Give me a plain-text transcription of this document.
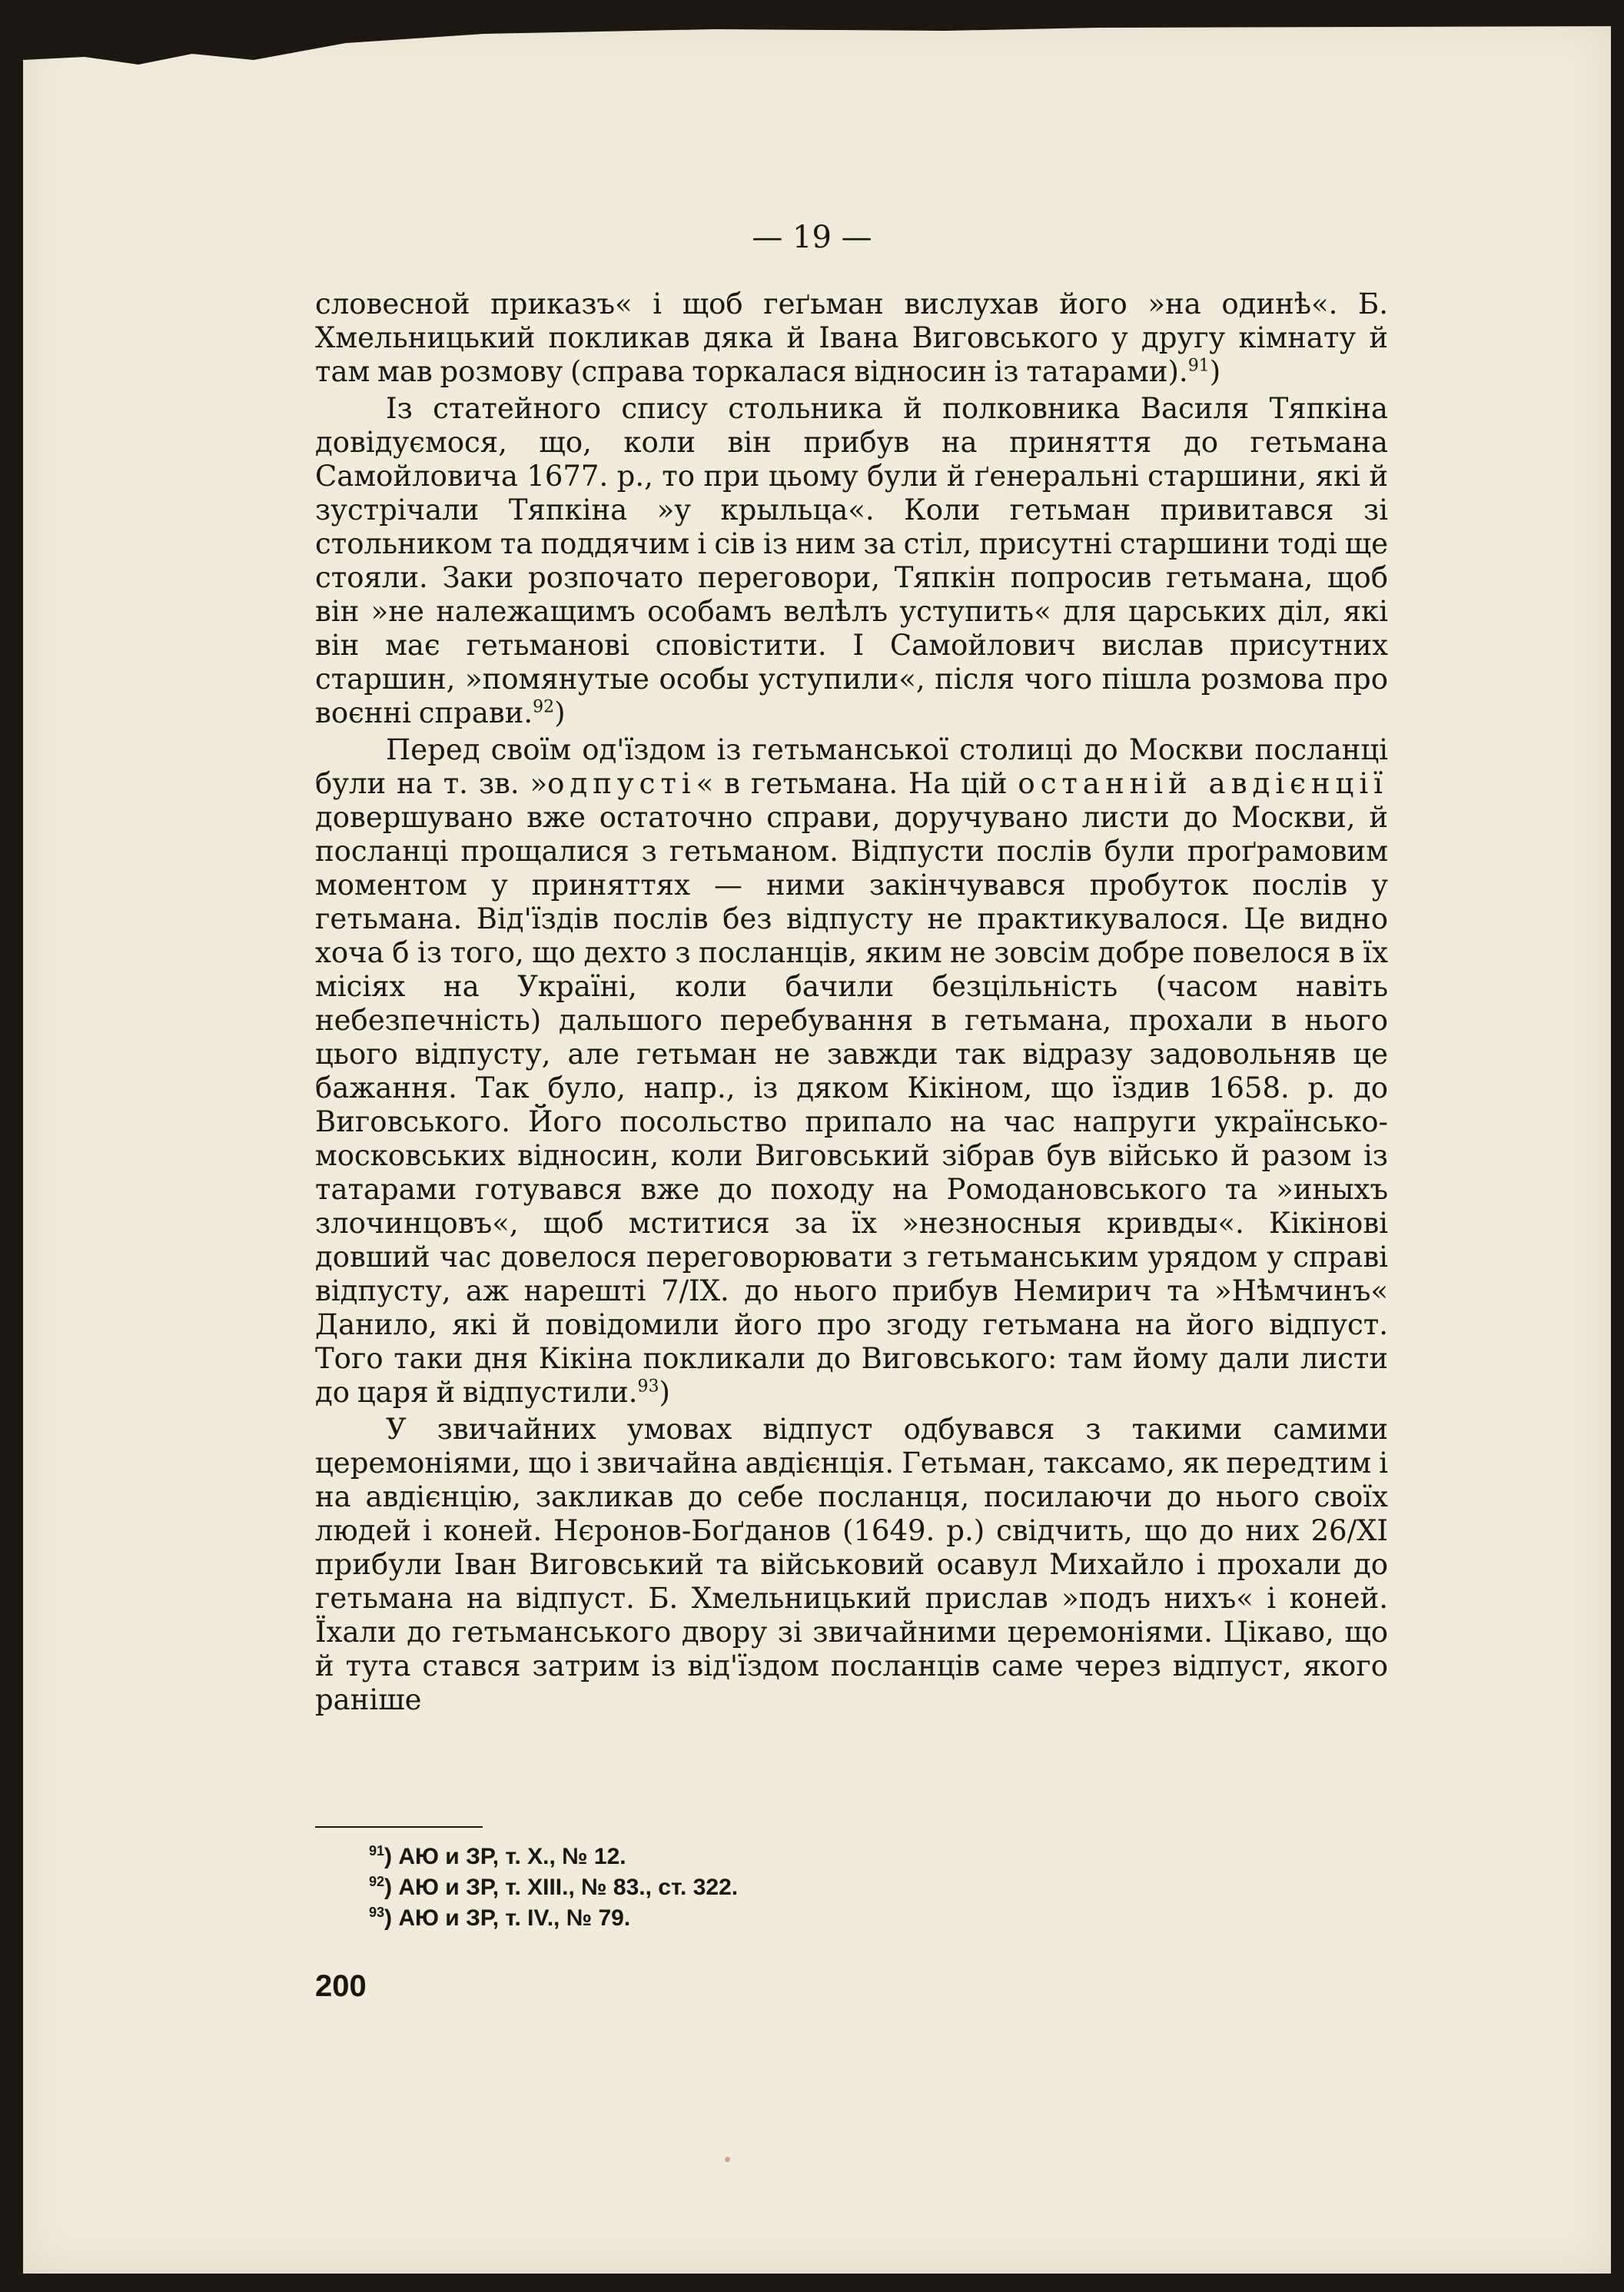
— 19 —

словесной приказъ« і щоб геґьман вислухав його »на одинѣ«. Б. Хмельницький покликав дяка й Івана Виговського у другу кімнату й там мав розмову (справа торкалася відносин із татарами).$^{91}$)

Із статейного спису стольника й полковника Василя Тяпкіна довідуємося, що, коли він прибув на приняття до гетьмана Самойловича 1677. р., то при цьому були й ґенеральні старшини, які й зустрічали Тяпкіна »у крыльца«. Коли гетьман привитався зі стольником та поддячим і сів із ним за стіл, присутні старшини тоді ще стояли. Заки розпочато переговори, Тяпкін попросив гетьмана, щоб він »не належащимъ особамъ велѣлъ уступить« для царських діл, які він має гетьманові сповістити. І Самойлович вислав присутних старшин, »помянутые особы уступили«, після чого пішла розмова про воєнні справи.$^{92}$)

Перед своїм од'їздом із гетьманської столиці до Москви посланці були на т. зв. »одпусті« в гетьмана. На цій останній авдієнції довершувано вже остаточно справи, доручувано листи до Москви, й посланці прощалися з гетьманом. Відпусти послів були проґрамовим моментом у приняттях — ними закінчувався пробуток послів у гетьмана. Від'їздів послів без відпусту не практикувалося. Це видно хоча б із того, що дехто з посланців, яким не зовсім добре повелося в їх місіях на Україні, коли бачили безцільність (часом навіть небезпечність) дальшого перебування в гетьмана, прохали в нього цього відпусту, але гетьман не завжди так відразу задовольняв це бажання. Так було, напр., із дяком Кікіном, що їздив 1658. р. до Виговського. Його посольство припало на час напруги українсько-московських відносин, коли Виговський зібрав був військо й разом із татарами готувався вже до походу на Ромодановського та »иныхъ злочинцовъ«, щоб мститися за їх »незносныя кривды«. Кікінові довший час довелося переговорювати з гетьманським урядом у справі відпусту, аж нарешті 7/IX. до нього прибув Немирич та »Нѣмчинъ« Данило, які й повідомили його про згоду гетьмана на його відпуст. Того таки дня Кікіна покликали до Виговського: там йому дали листи до царя й відпустили.$^{93}$)

У звичайних умовах відпуст одбувався з такими самими церемоніями, що і звичайна авдієнція. Гетьман, таксамо, як передтим і на авдієнцію, закликав до себе посланця, посилаючи до нього своїх людей і коней. Нєронов-Боґданов (1649. р.) свідчить, що до них 26/XI прибули Іван Виговський та військовий осавул Михайло і прохали до гетьмана на відпуст. Б. Хмельницький прислав »подъ нихъ« і коней. Їхали до гетьманського двору зі звичайними церемоніями. Цікаво, що й тута стався затрим із від'їздом посланців саме через відпуст, якого раніше

$^{91}$) АЮ и ЗР, т. X., № 12.
$^{92}$) АЮ и ЗР, т. XIII., № 83., ст. 322.
$^{93}$) АЮ и ЗР, т. IV., № 79.
200
